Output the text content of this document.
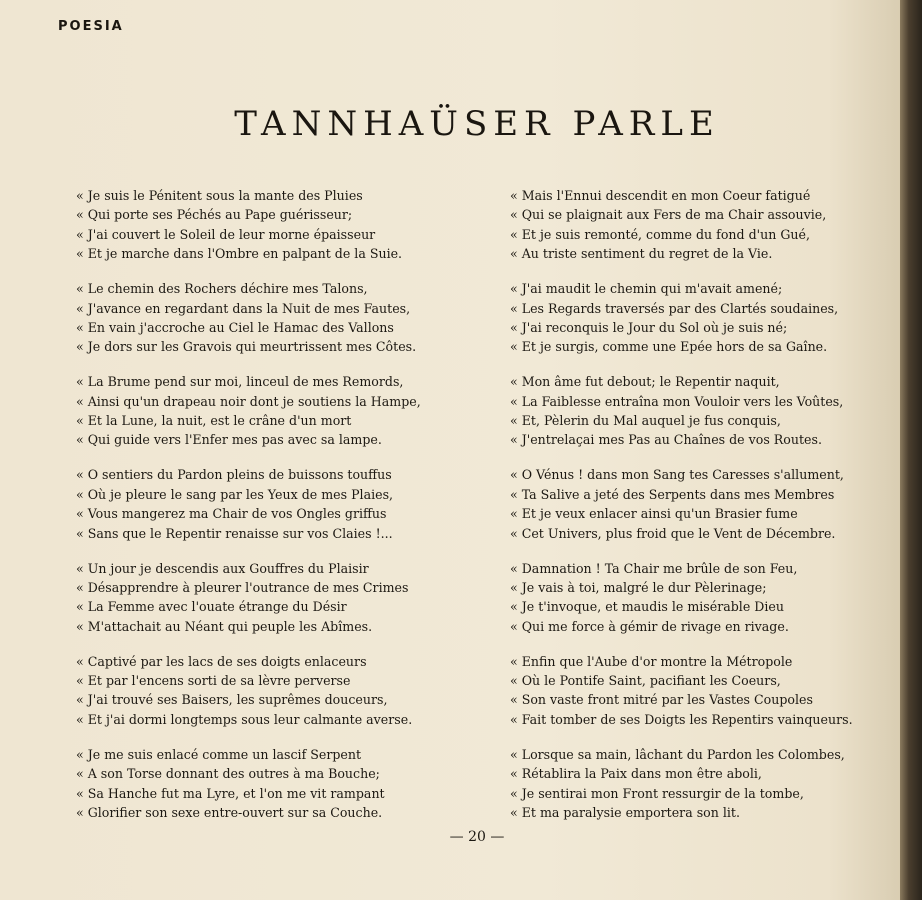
POESIA
TANNHAÜSER PARLE
« Je suis le Pénitent sous la mante des Pluies
« Qui porte ses Péchés au Pape guérisseur;
« J'ai couvert le Soleil de leur morne épaisseur
« Et je marche dans l'Ombre en palpant de la Suie.
« Le chemin des Rochers déchire mes Talons,
« J'avance en regardant dans la Nuit de mes Fautes,
« En vain j'accroche au Ciel le Hamac des Vallons
« Je dors sur les Gravois qui meurtrissent mes Côtes.
« La Brume pend sur moi, linceul de mes Remords,
« Ainsi qu'un drapeau noir dont je soutiens la Hampe,
« Et la Lune, la nuit, est le crâne d'un mort
« Qui guide vers l'Enfer mes pas avec sa lampe.
« O sentiers du Pardon pleins de buissons touffus
« Où je pleure le sang par les Yeux de mes Plaies,
« Vous mangerez ma Chair de vos Ongles griffus
« Sans que le Repentir renaisse sur vos Claies !...
« Un jour je descendis aux Gouffres du Plaisir
« Désapprendre à pleurer l'outrance de mes Crimes
« La Femme avec l'ouate étrange du Désir
« M'attachait au Néant qui peuple les Abîmes.
« Captivé par les lacs de ses doigts enlaceurs
« Et par l'encens sorti de sa lèvre perverse
« J'ai trouvé ses Baisers, les suprêmes douceurs,
« Et j'ai dormi longtemps sous leur calmante averse.
« Je me suis enlacé comme un lascif Serpent
« A son Torse donnant des outres à ma Bouche;
« Sa Hanche fut ma Lyre, et l'on me vit rampant
« Glorifier son sexe entre-ouvert sur sa Couche.
« Mais l'Ennui descendit en mon Coeur fatigué
« Qui se plaignait aux Fers de ma Chair assouvie,
« Et je suis remonté, comme du fond d'un Gué,
« Au triste sentiment du regret de la Vie.
« J'ai maudit le chemin qui m'avait amené;
« Les Regards traversés par des Clartés soudaines,
« J'ai reconquis le Jour du Sol où je suis né;
« Et je surgis, comme une Epée hors de sa Gaîne.
« Mon âme fut debout; le Repentir naquit,
« La Faiblesse entraîna mon Vouloir vers les Voûtes,
« Et, Pèlerin du Mal auquel je fus conquis,
« J'entrelaçai mes Pas au Chaînes de vos Routes.
« O Vénus ! dans mon Sang tes Caresses s'allument,
« Ta Salive a jeté des Serpents dans mes Membres
« Et je veux enlacer ainsi qu'un Brasier fume
« Cet Univers, plus froid que le Vent de Décembre.
« Damnation ! Ta Chair me brûle de son Feu,
« Je vais à toi, malgré le dur Pèlerinage;
« Je t'invoque, et maudis le misérable Dieu
« Qui me force à gémir de rivage en rivage.
« Enfin que l'Aube d'or montre la Métropole
« Où le Pontife Saint, pacifiant les Coeurs,
« Son vaste front mitré par les Vastes Coupoles
« Fait tomber de ses Doigts les Repentirs vainqueurs.
« Lorsque sa main, lâchant du Pardon les Colombes,
« Rétablira la Paix dans mon être aboli,
« Je sentirai mon Front ressurgir de la tombe,
« Et ma paralysie emportera son lit.
— 20 —
